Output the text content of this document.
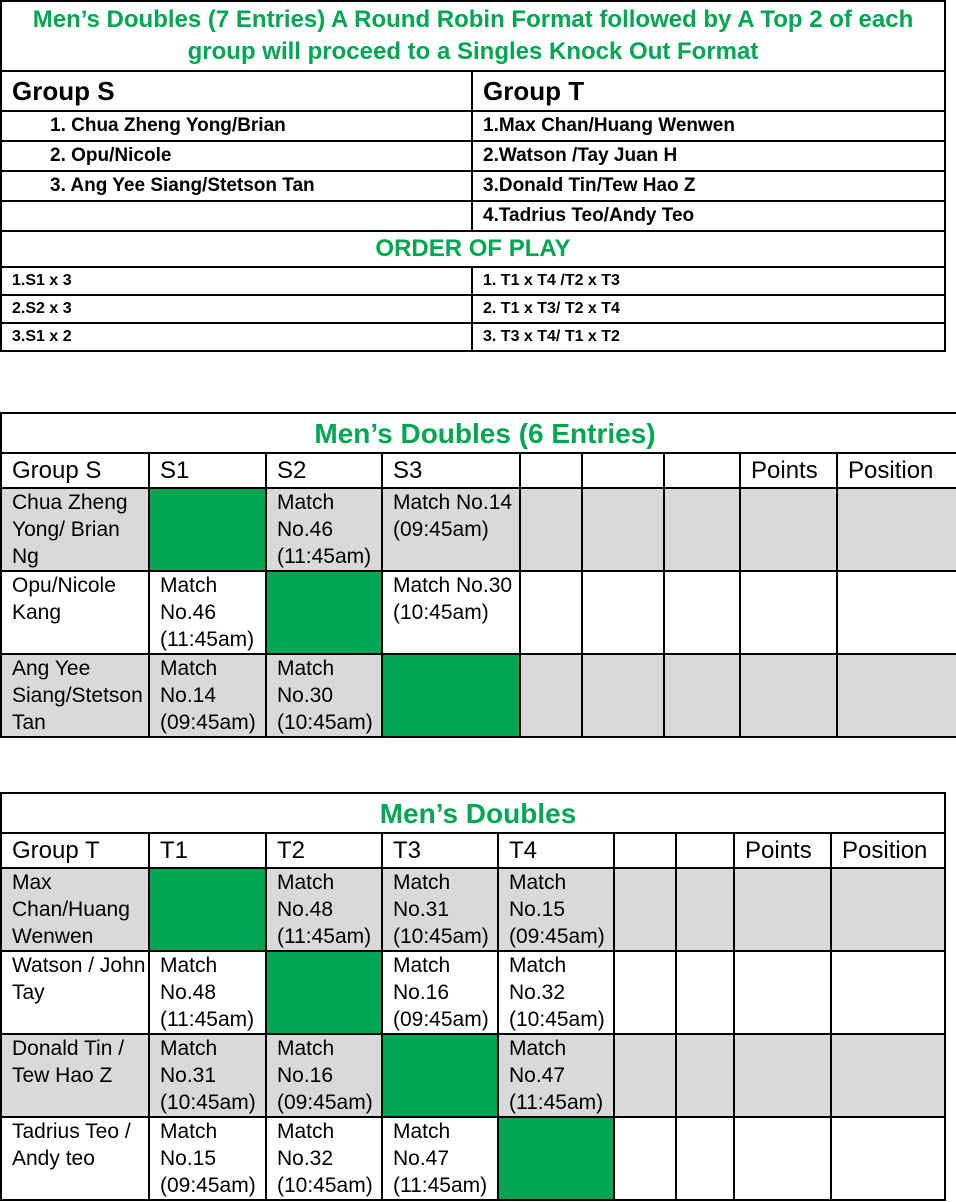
Men’s Doubles (7 Entries) A Round Robin Format followed by A Top 2 of each group will proceed to a Singles Knock Out Format	
Group S	Group T
1. Chua Zheng Yong/Brian	1.Max Chan/Huang Wenwen
2. Opu/Nicole	2.Watson /Tay Juan H
3. Ang Yee Siang/Stetson Tan	3.Donald Tin/Tew Hao Z
	4.Tadrius Teo/Andy Teo
ORDER OF PLAY	
1.S1 x 3	1. T1 x T4 /T2 x T3
2.S2 x 3	2. T1 x T3/ T2 x T4
3.S1 x 2	3. T3 x T4/ T1 x T2
Men’s Doubles (6 Entries)								
Group S	S1	S2	S3				Points	Position
Chua Zheng Yong/ Brian Ng		Match No.46 (11:45am)	Match No.14 (09:45am)					
Opu/Nicole Kang	Match No.46 (11:45am)		Match No.30 (10:45am)					
Ang Yee Siang/Stetson Tan	Match No.14 (09:45am)	Match No.30 (10:45am)						
Men’s Doubles								
Group T	T1	T2	T3	T4			Points	Position
Max Chan/Huang Wenwen		Match No.48 (11:45am)	Match No.31 (10:45am)	Match No.15 (09:45am)				
Watson / John Tay	Match No.48 (11:45am)		Match No.16 (09:45am)	Match No.32 (10:45am)				
Donald Tin / Tew Hao Z	Match No.31 (10:45am)	Match No.16 (09:45am)		Match No.47 (11:45am)				
Tadrius Teo / Andy teo	Match No.15 (09:45am)	Match No.32 (10:45am)	Match No.47 (11:45am)					
